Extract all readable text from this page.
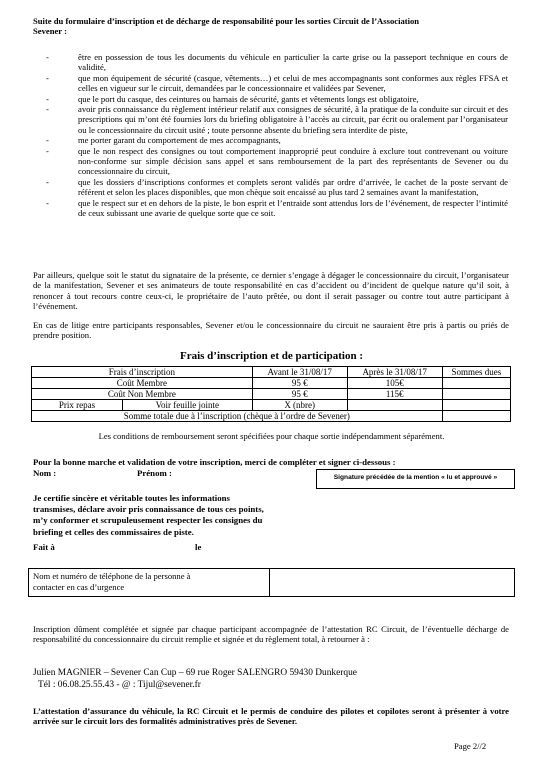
Suite du formulaire d’inscription et de décharge de responsabilité pour les sorties Circuit de l’Association
Sevener :
-	être en possession de tous les documents du véhicule en particulier la carte grise ou la passeport technique en cours de validité,
-	que mon équipement de sécurité (casque, vêtements…) et celui de mes accompagnants sont conformes aux règles FFSA et celles en vigueur sur le circuit, demandées par le concessionnaire et validées par Sevener,
-	que le port du casque, des ceintures ou harnais de sécurité, gants et vêtements longs est obligatoire,
-	avoir pris connaissance du règlement intérieur relatif aux consignes de sécurité, à la pratique de la conduite sur circuit et des prescriptions qui m’ont été fournies lors du briefing obligatoire à l’accès au circuit, par écrit ou oralement par l’organisateur ou le concessionnaire du circuit usité ; toute personne absente du briefing sera interdite de piste,
-	me porter garant du comportement de mes accompagnants,
-	que le non respect des consignes ou tout comportement inapproprié peut conduire à exclure tout contrevenant ou voiture non-conforme sur simple décision sans appel et sans remboursement de la part des représentants de Sevener ou du concessionnaire du circuit,
-	que les dossiers d’inscriptions conformes et complets seront validés par ordre d’arrivée, le cachet de la poste servant de référent et selon les places disponibles, que mon chèque soit encaissé au plus tard 2 semaines avant la manifestation,
-	que le respect sur et en dehors de la piste, le bon esprit et l’entraide sont attendus lors de l’événement, de respecter l’intimité de ceux subissant une avarie de quelque sorte que ce soit.
Par ailleurs, quelque soit le statut du signataire de la présente, ce dernier s’engage à dégager le concessionnaire du circuit, l’organisateur de la manifestation, Sevener et ses animateurs de toute responsabilité en cas d’accident ou d’incident de quelque nature qu’il soit, à renoncer à tout recours contre ceux-ci, le propriétaire de l’auto prêtée, ou dont il serait passager ou contre tout autre participant à l’événement.
En cas de litige entre participants responsables, Sevener et/ou le concessionnaire du circuit ne sauraient être pris à partis ou priés de prendre position.
Frais d’inscription et de participation :
Frais d’inscription		Avant le 31/08/17	Après le 31/08/17	Sommes dues
Coût Membre		95 €	105€	
Coût Non Membre		95 €	115€	
Prix repas	Voir feuille jointe	X (nbre)		
Somme totale due à l’inscription (chèque à l’ordre de Sevener)				
Les conditions de remboursement seront spécifiées pour chaque sortie indépendamment séparément.
Pour la bonne marche et validation de votre inscription, merci de compléter et signer ci-dessous :
Nom :	Prénom :	Signature précédée de la mention « lu et approuvé »
Je certifie sincère et véritable toutes les informations
transmises, déclare avoir pris connaissance de tous ces points,
m’y conformer et scrupuleusement respecter les consignes du
briefing et celles des commissaires de piste.
Fait à	le
Nom et numéro de téléphone de la personne à
contacter en cas d’urgence
Inscription dûment complétée et signée par chaque participant accompagnée de l’attestation RC Circuit, de l’éventuelle décharge de responsabilité du concessionnaire du circuit remplie et signée et du règlement total, à retourner à :
Julien MAGNIER – Sevener Can Cup – 69 rue Roger SALENGRO 59430 Dunkerque
Tél : 06.08.25.55.43 - @ : Tijul@sevener.fr
L’attestation d’assurance du véhicule, la RC Circuit et le permis de conduire des pilotes et copilotes seront à présenter à votre arrivée sur le circuit lors des formalités administratives près de Sevener.
Page 2//2
